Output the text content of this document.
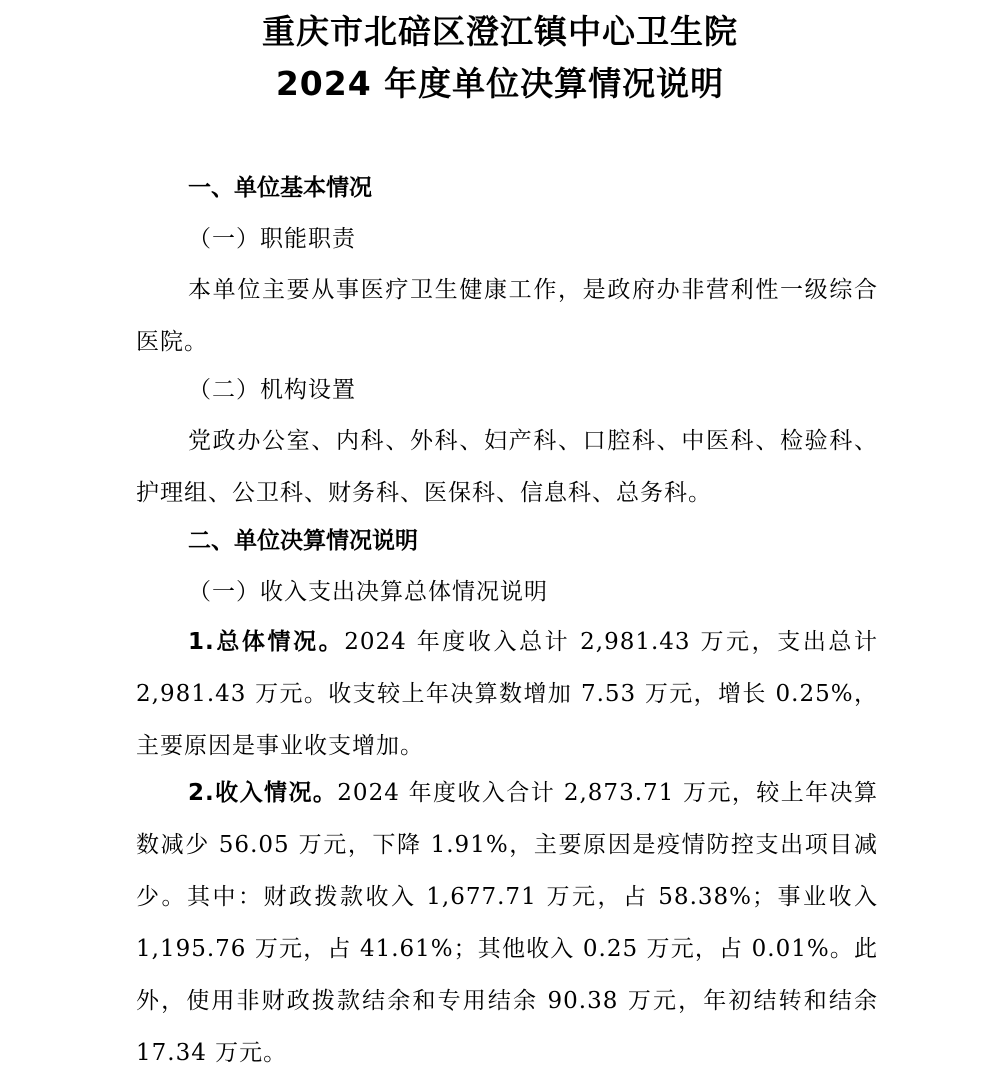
重庆市北碚区澄江镇中心卫生院
2024 年度单位决算情况说明
一、单位基本情况
（一）职能职责

本单位主要从事医疗卫生健康工作，是政府办非营利性一级综合医院。

（二）机构设置

党政办公室、内科、外科、妇产科、口腔科、中医科、检验科、护理组、公卫科、财务科、医保科、信息科、总务科。

二、单位决算情况说明
（一）收入支出决算总体情况说明

1.总体情况。2024 年度收入总计 2,981.43 万元，支出总计 2,981.43 万元。收支较上年决算数增加 7.53 万元，增长 0.25%，主要原因是事业收支增加。

2.收入情况。2024 年度收入合计 2,873.71 万元，较上年决算数减少 56.05 万元，下降 1.91%，主要原因是疫情防控支出项目减少。其中：财政拨款收入 1,677.71 万元，占 58.38%；事业收入 1,195.76 万元，占 41.61%；其他收入 0.25 万元，占 0.01%。此外，使用非财政拨款结余和专用结余 90.38 万元，年初结转和结余 17.34 万元。
